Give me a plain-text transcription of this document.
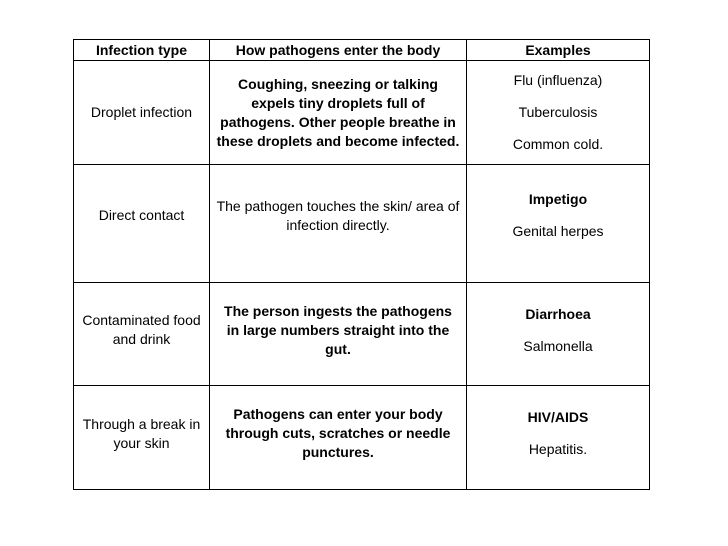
Infection type	How pathogens enter the body	Examples
Droplet infection	Coughing, sneezing or talking expels tiny droplets full of pathogens. Other people breathe in these droplets and become infected.	Flu (influenza)
Tuberculosis
Common cold.

Direct contact	The pathogen touches the skin/ area of infection directly.	Impetigo
Genital herpes

Contaminated food and drink	The person ingests the pathogens in large numbers straight into the gut.	Diarrhoea
Salmonella

Through a break in your skin	Pathogens can enter your body through cuts, scratches or needle punctures.	HIV/AIDS
Hepatitis.
